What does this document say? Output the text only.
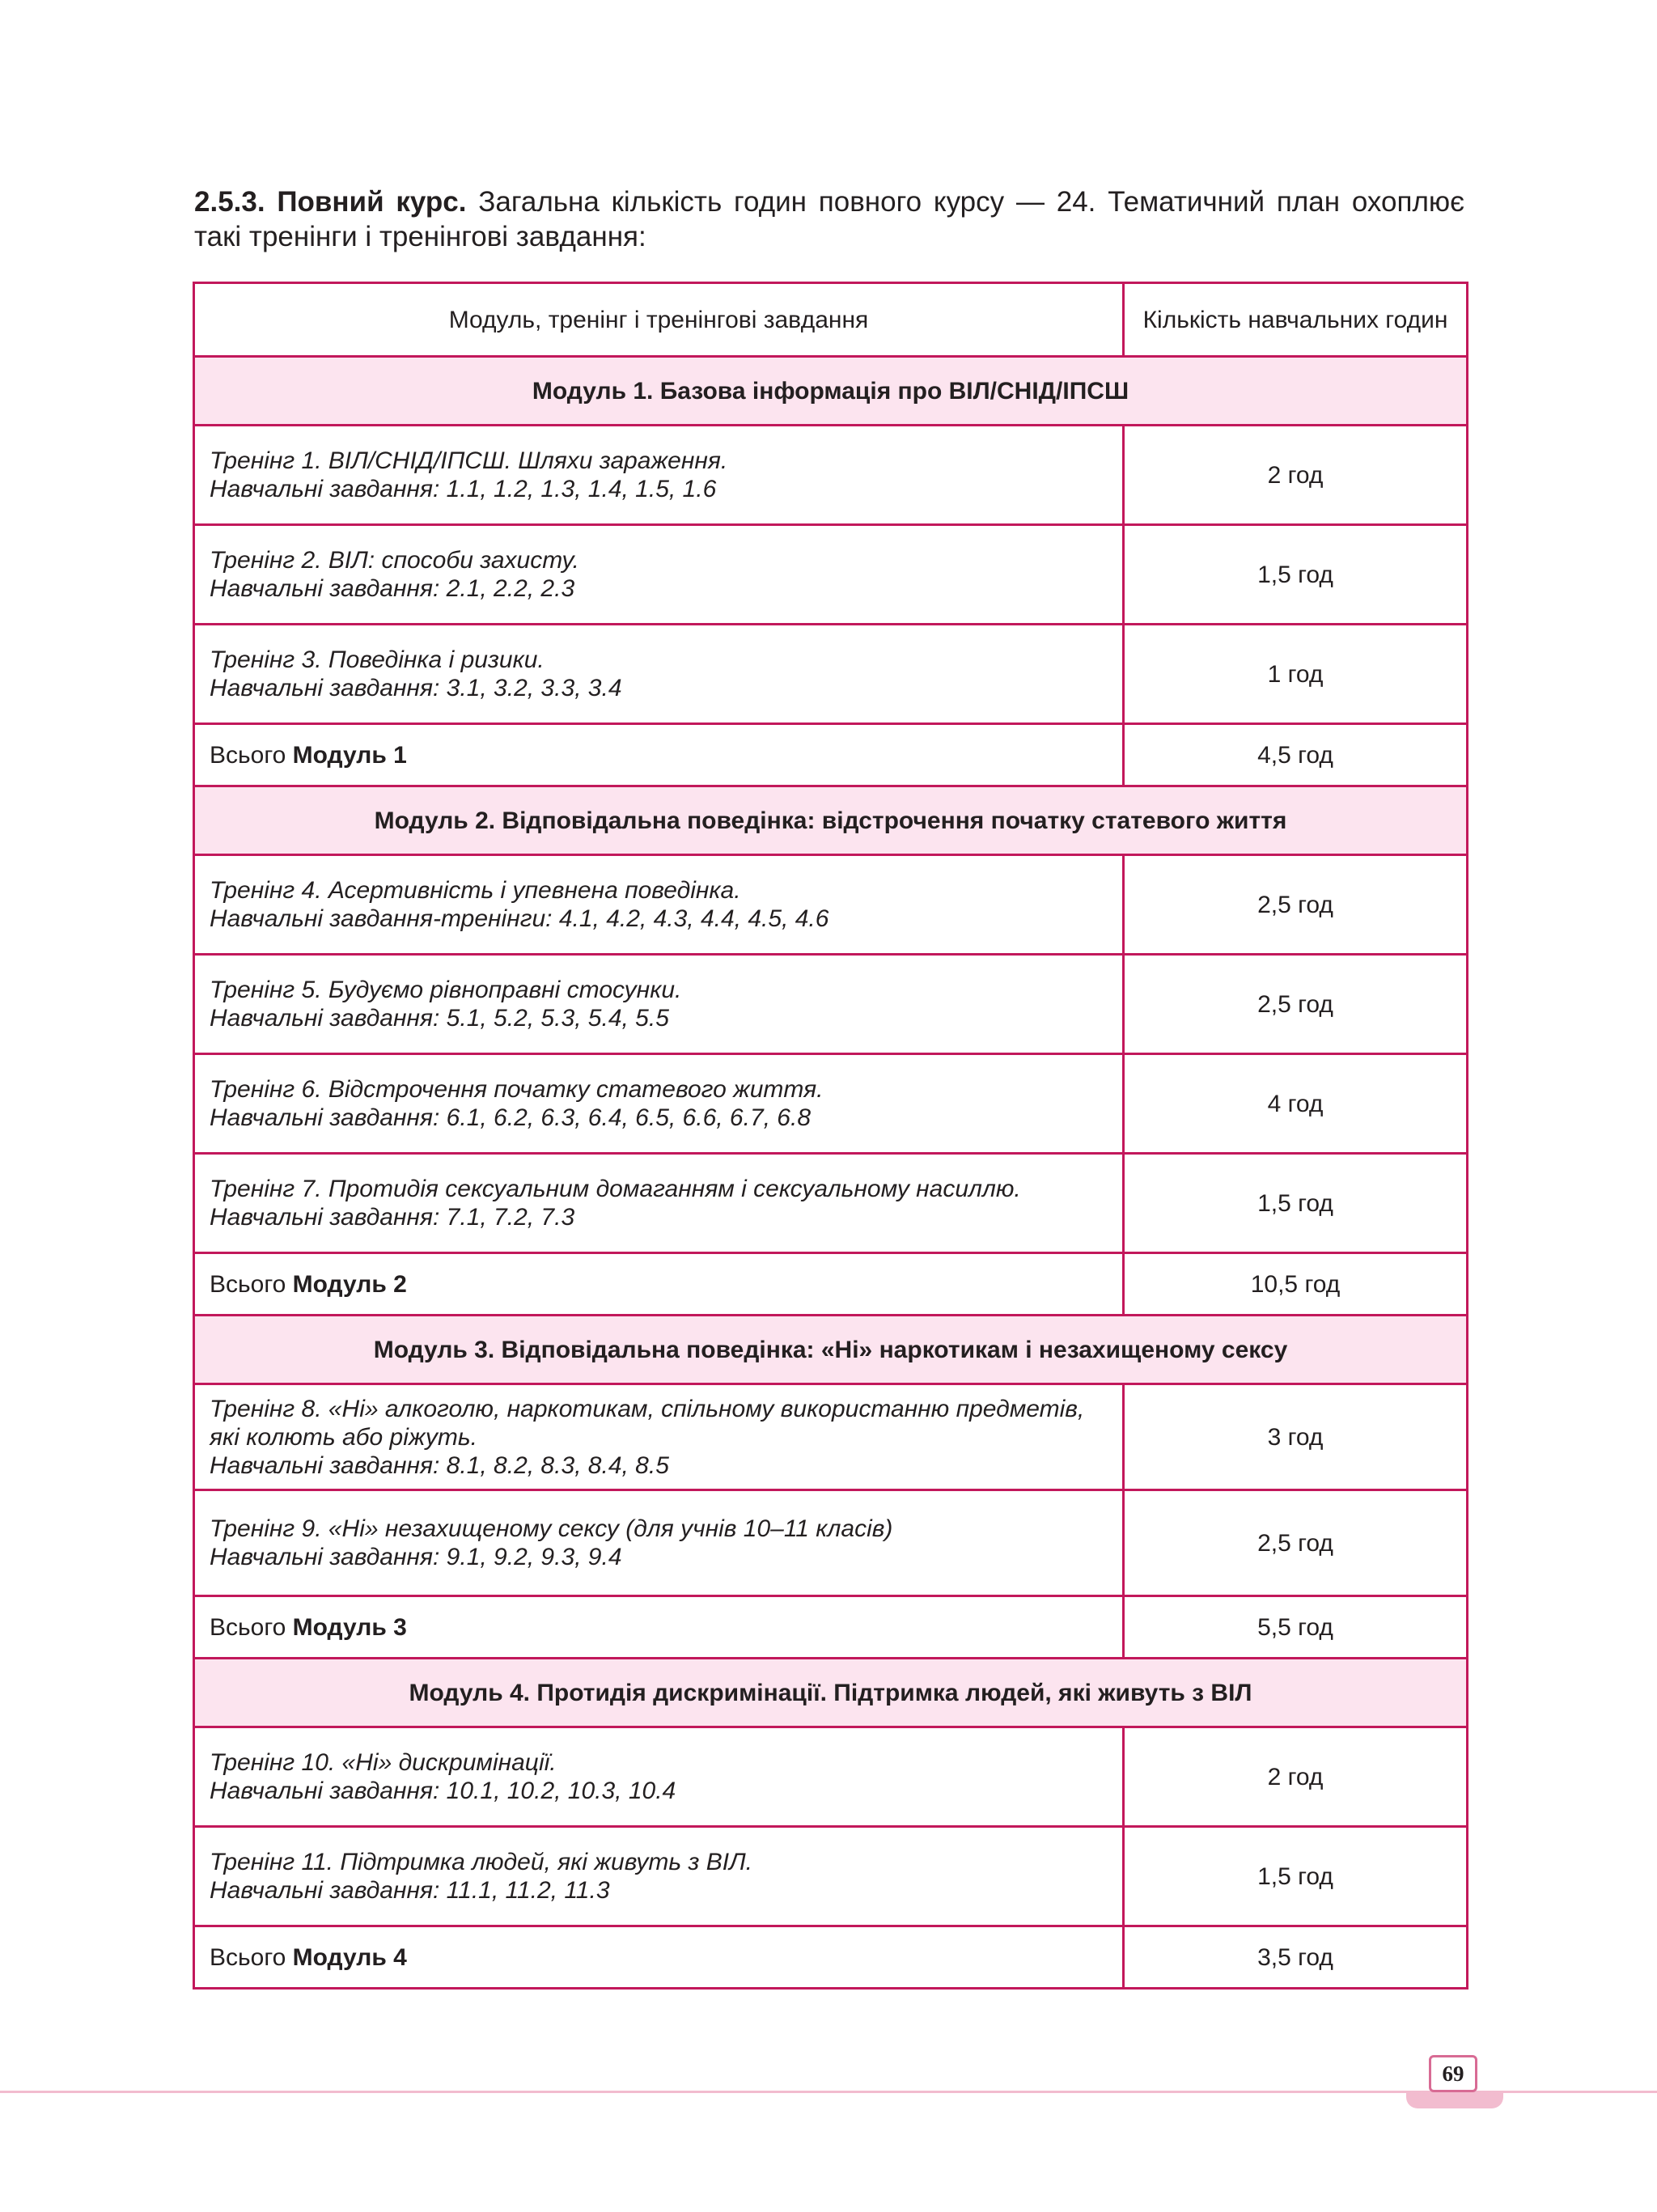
2.5.3. Повний курс. Загальна кількість годин повного курсу — 24. Тематичний план охоплює такі тренінги і тренінгові завдання:
Модуль, тренінг і тренінгові завдання	Кількість навчальних годин
Модуль 1. Базова інформація про ВІЛ/СНІД/ІПСШ	

Тренінг 1. ВІЛ/СНІД/ІПСШ. Шляхи зараження.
Навчальні завдання: 1.1, 1.2, 1.3, 1.4, 1.5, 1.6	2 год

Тренінг 2. ВІЛ: способи захисту.
Навчальні завдання: 2.1, 2.2, 2.3	1,5 год

Тренінг 3. Поведінка і ризики.
Навчальні завдання: 3.1, 3.2, 3.3, 3.4	1 год
Всього Модуль 1	4,5 год
Модуль 2. Відповідальна поведінка: відстрочення початку статевого життя	

Тренінг 4. Асертивність і упевнена поведінка.
Навчальні завдання-тренінги: 4.1, 4.2, 4.3, 4.4, 4.5, 4.6	2,5 год

Тренінг 5. Будуємо рівноправні стосунки.
Навчальні завдання: 5.1, 5.2, 5.3, 5.4, 5.5	2,5 год

Тренінг 6. Відстрочення початку статевого життя.
Навчальні завдання: 6.1, 6.2, 6.3, 6.4, 6.5, 6.6, 6.7, 6.8	4 год

Тренінг 7. Протидія сексуальним домаганням і сексуальному насиллю.
Навчальні завдання: 7.1, 7.2, 7.3	1,5 год
Всього Модуль 2	10,5 год
Модуль 3. Відповідальна поведінка: «Ні» наркотикам і незахищеному сексу	

Тренінг 8. «Ні» алкоголю, наркотикам, спільному використанню предметів,
які колють або ріжуть.
Навчальні завдання: 8.1, 8.2, 8.3, 8.4, 8.5	3 год

Тренінг 9. «Ні» незахищеному сексу (для учнів 10–11 класів)
Навчальні завдання: 9.1, 9.2, 9.3, 9.4	2,5 год
Всього Модуль 3	5,5 год
Модуль 4. Протидія дискримінації. Підтримка людей, які живуть з ВІЛ	

Тренінг 10. «Ні» дискримінації.
Навчальні завдання: 10.1, 10.2, 10.3, 10.4	2 год

Тренінг 11. Підтримка людей, які живуть з ВІЛ.
Навчальні завдання: 11.1, 11.2, 11.3	1,5 год
Всього Модуль 4	3,5 год
69
